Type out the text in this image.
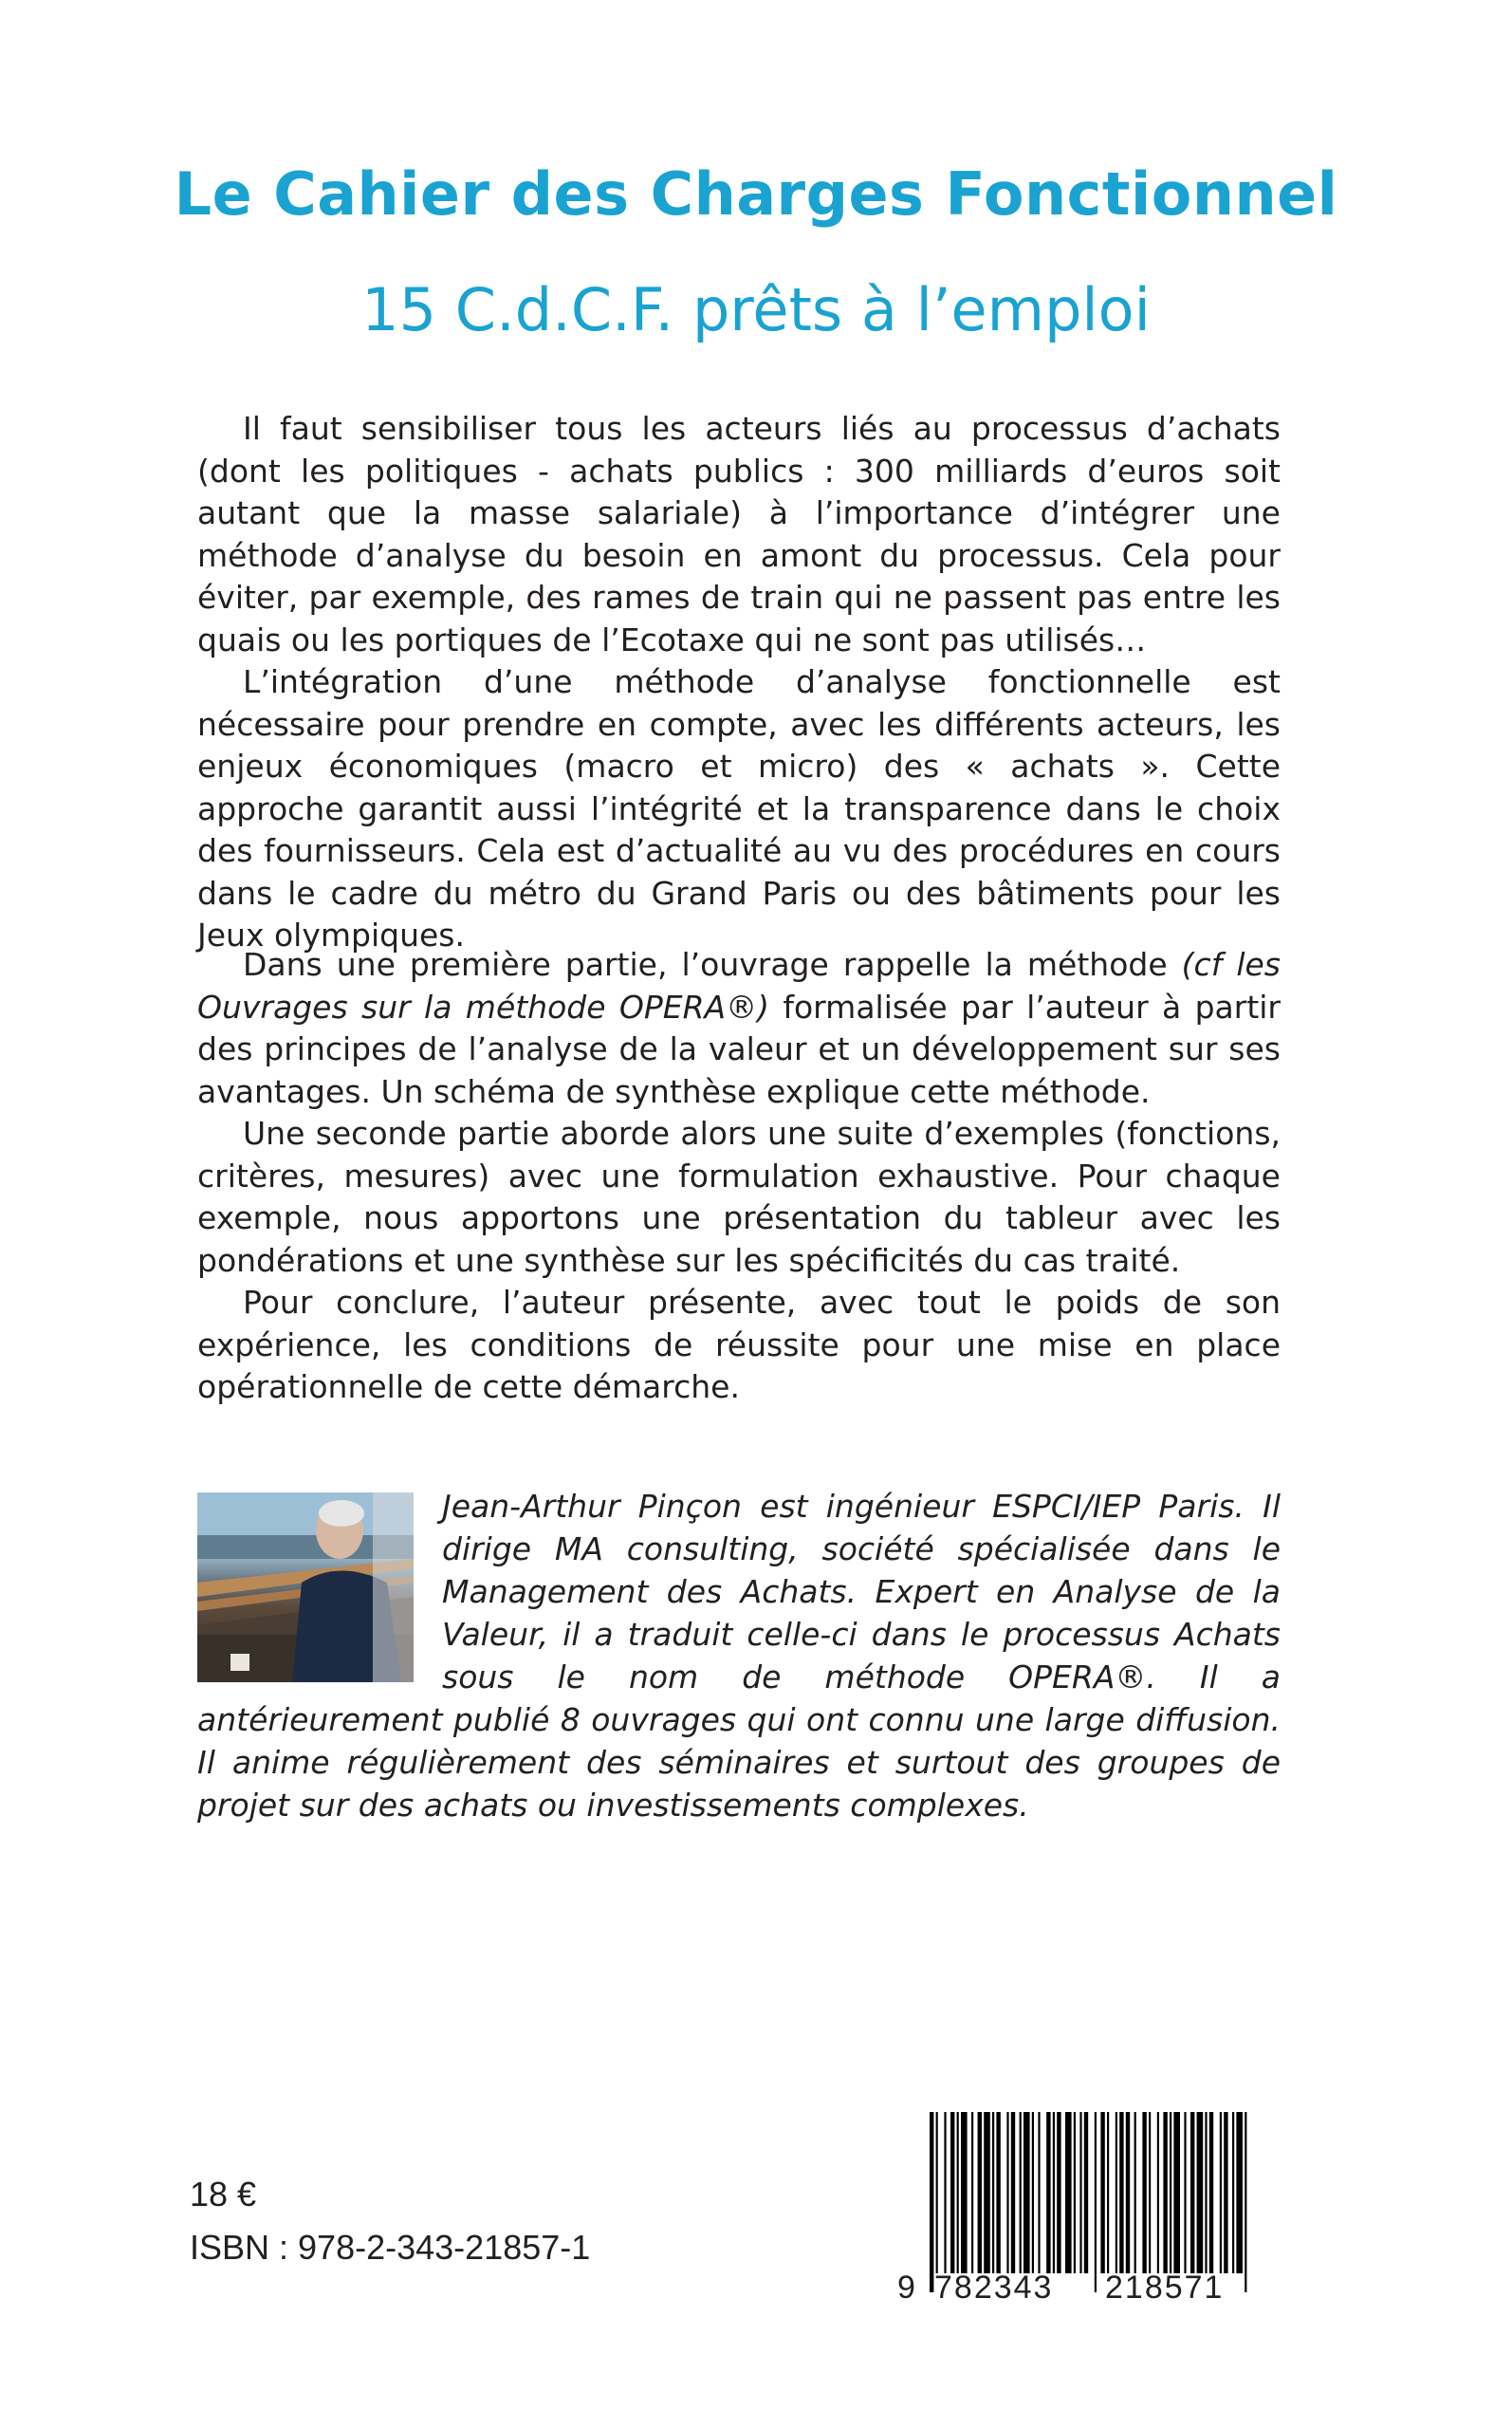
Le Cahier des Charges Fonctionnel
15 C.d.C.F. prêts à l’emploi

Il faut sensibiliser tous les acteurs liés au processus d’achats (dont les politiques - achats publics : 300 milliards d’euros soit autant que la masse salariale) à l’importance d’intégrer une méthode d’analyse du besoin en amont du processus. Cela pour éviter, par exemple, des rames de train qui ne passent pas entre les quais ou les portiques de l’Ecotaxe qui ne sont pas utilisés…

L’intégration d’une méthode d’analyse fonctionnelle est nécessaire pour prendre en compte, avec les différents acteurs, les enjeux économiques (macro et micro) des « achats ». Cette approche garantit aussi l’intégrité et la transparence dans le choix des fournisseurs. Cela est d’actualité au vu des procédures en cours dans le cadre du métro du Grand Paris ou des bâtiments pour les Jeux olympiques.

Dans une première partie, l’ouvrage rappelle la méthode (cf les Ouvrages sur la méthode OPERA®) formalisée par l’auteur à partir des principes de l’analyse de la valeur et un développement sur ses avantages. Un schéma de synthèse explique cette méthode.

Une seconde partie aborde alors une suite d’exemples (fonctions, critères, mesures) avec une formulation exhaustive. Pour chaque exemple, nous apportons une présentation du tableur avec les pondérations et une synthèse sur les spécificités du cas traité.

Pour conclure, l’auteur présente, avec tout le poids de son expérience, les conditions de réussite pour une mise en place opérationnelle de cette démarche.

Jean-Arthur Pinçon est ingénieur ESPCI/IEP Paris. Il dirige MA consulting, société spécialisée dans le Management des Achats. Expert en Analyse de la Valeur, il a traduit celle-ci dans le processus Achats sous le nom de méthode OPERA®. Il a antérieurement publié 8 ouvrages qui ont connu une large diffusion. Il anime régulièrement des séminaires et surtout des groupes de projet sur des achats ou investissements complexes.

18 €

ISBN : 978-2-343-21857-1

9 782343 218571
